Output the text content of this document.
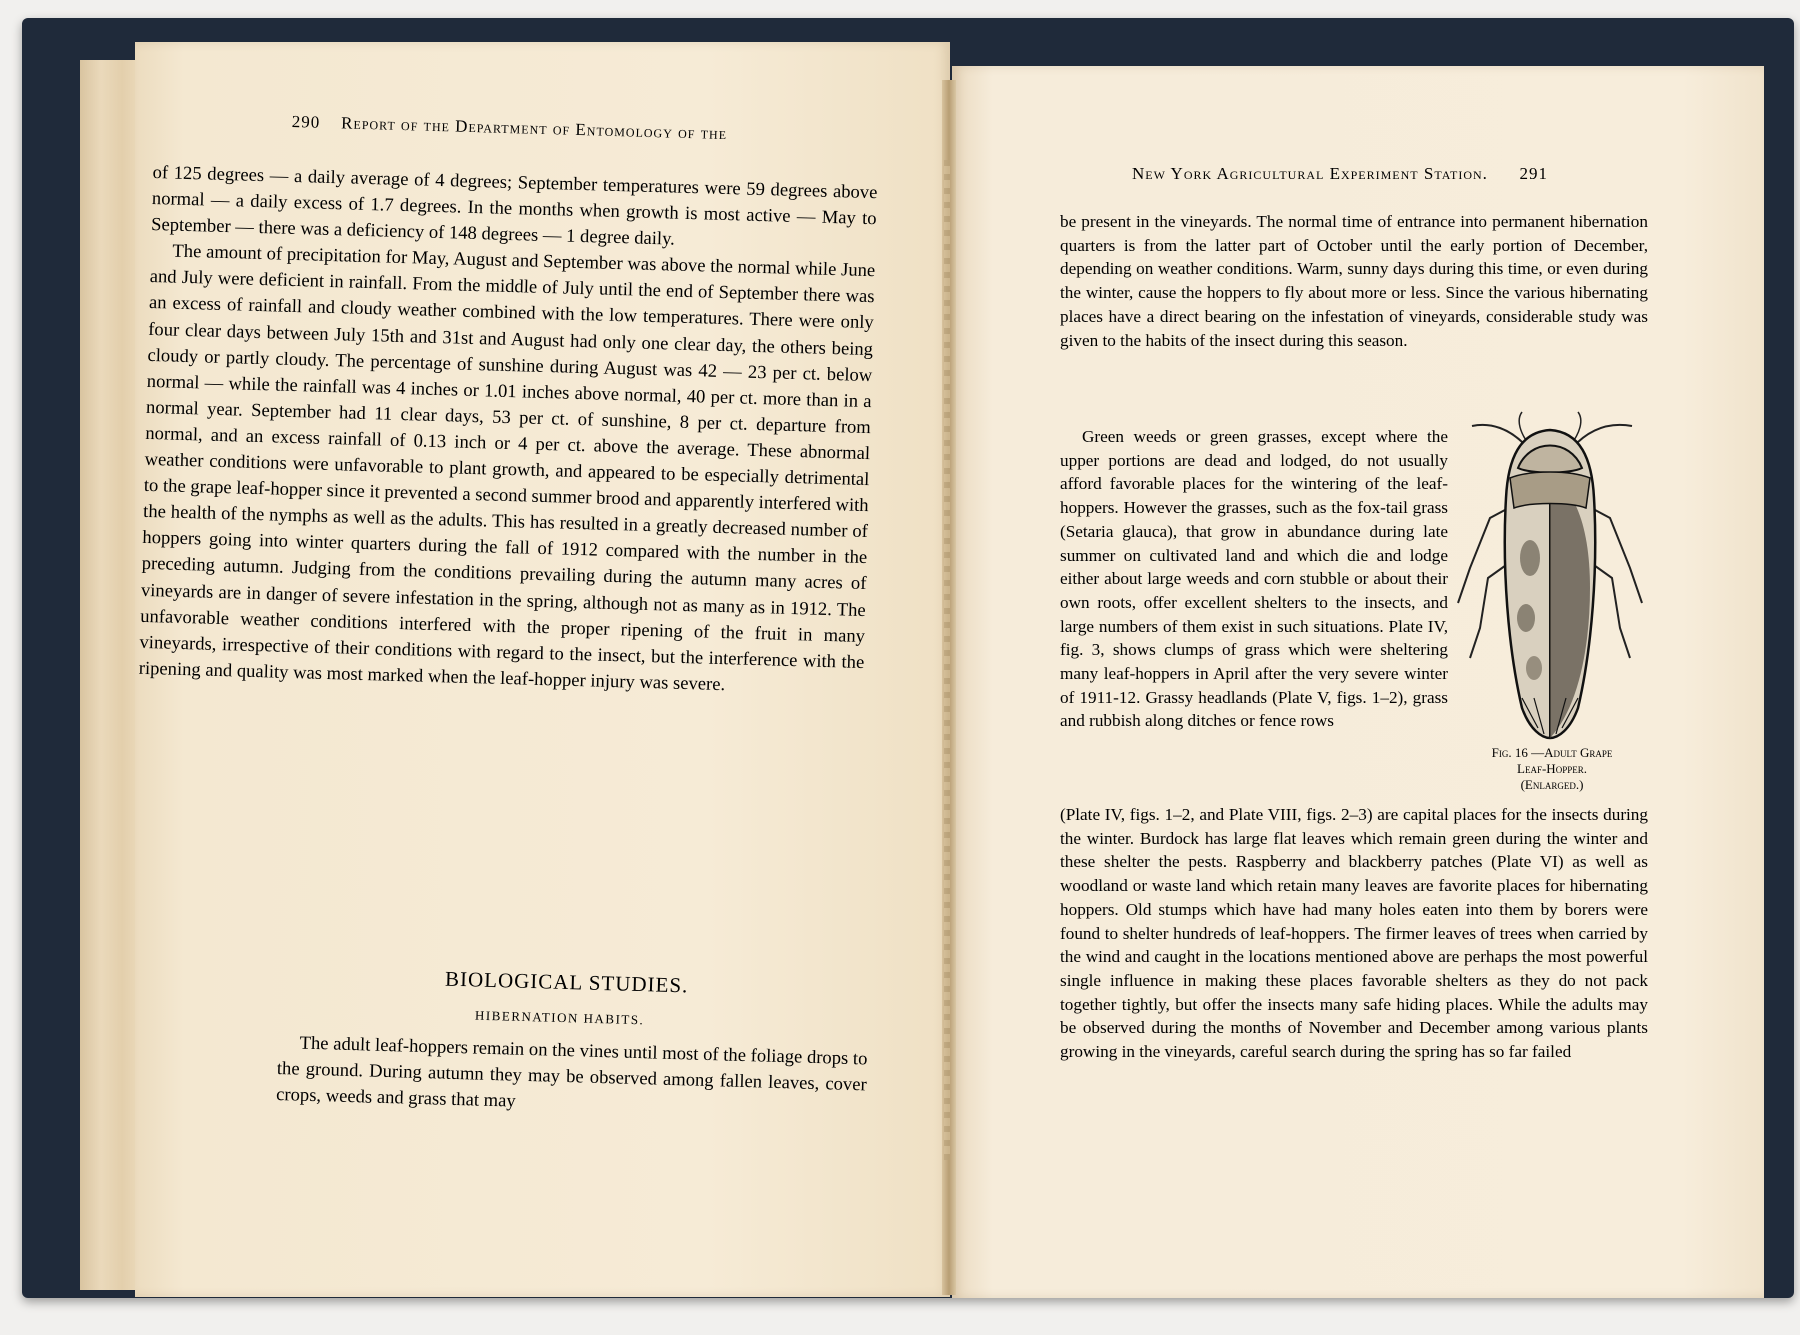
290 Report of the Department of Entomology of the

of 125 degrees — a daily average of 4 degrees; September temperatures were 59 degrees above normal — a daily excess of 1.7 degrees. In the months when growth is most active — May to September — there was a deficiency of 148 degrees — 1 degree daily.

The amount of precipitation for May, August and September was above the normal while June and July were deficient in rainfall. From the middle of July until the end of September there was an excess of rainfall and cloudy weather combined with the low temperatures. There were only four clear days between July 15th and 31st and August had only one clear day, the others being cloudy or partly cloudy. The percentage of sunshine during August was 42 — 23 per ct. below normal — while the rainfall was 4 inches or 1.01 inches above normal, 40 per ct. more than in a normal year. September had 11 clear days, 53 per ct. of sunshine, 8 per ct. departure from normal, and an excess rainfall of 0.13 inch or 4 per ct. above the average. These abnormal weather conditions were unfavorable to plant growth, and appeared to be especially detrimental to the grape leaf-hopper since it prevented a second summer brood and apparently interfered with the health of the nymphs as well as the adults. This has resulted in a greatly decreased number of hoppers going into winter quarters during the fall of 1912 compared with the number in the preceding autumn. Judging from the conditions prevailing during the autumn many acres of vineyards are in danger of severe infestation in the spring, although not as many as in 1912. The unfavorable weather conditions interfered with the proper ripening of the fruit in many vineyards, irrespective of their conditions with regard to the insect, but the interference with the ripening and quality was most marked when the leaf-hopper injury was severe.

BIOLOGICAL STUDIES.
HIBERNATION HABITS.

The adult leaf-hoppers remain on the vines until most of the foliage drops to the ground. During autumn they may be observed among fallen leaves, cover crops, weeds and grass that may

New York Agricultural Experiment Station. 291

be present in the vineyards. The normal time of entrance into permanent hibernation quarters is from the latter part of October until the early portion of December, depending on weather conditions. Warm, sunny days during this time, or even during the winter, cause the hoppers to fly about more or less. Since the various hibernating places have a direct bearing on the infestation of vineyards, considerable study was given to the habits of the insect during this season.

Green weeds or green grasses, except where the upper portions are dead and lodged, do not usually afford favorable places for the wintering of the leaf-hoppers. However the grasses, such as the fox-tail grass (Setaria glauca), that grow in abundance during late summer on cultivated land and which die and lodge either about large weeds and corn stubble or about their own roots, offer excellent shelters to the insects, and large numbers of them exist in such situations. Plate IV, fig. 3, shows clumps of grass which were sheltering many leaf-hoppers in April after the very severe winter of 1911-12. Grassy headlands (Plate V, figs. 1–2), grass and rubbish along ditches or fence rows

Fig. 16 —Adult Grape
Leaf-Hopper.
(Enlarged.)

(Plate IV, figs. 1–2, and Plate VIII, figs. 2–3) are capital places for the insects during the winter. Burdock has large flat leaves which remain green during the winter and these shelter the pests. Raspberry and blackberry patches (Plate VI) as well as woodland or waste land which retain many leaves are favorite places for hibernating hoppers. Old stumps which have had many holes eaten into them by borers were found to shelter hundreds of leaf-hoppers. The firmer leaves of trees when carried by the wind and caught in the locations mentioned above are perhaps the most powerful single influence in making these places favorable shelters as they do not pack together tightly, but offer the insects many safe hiding places. While the adults may be observed during the months of November and December among various plants growing in the vineyards, careful search during the spring has so far failed
